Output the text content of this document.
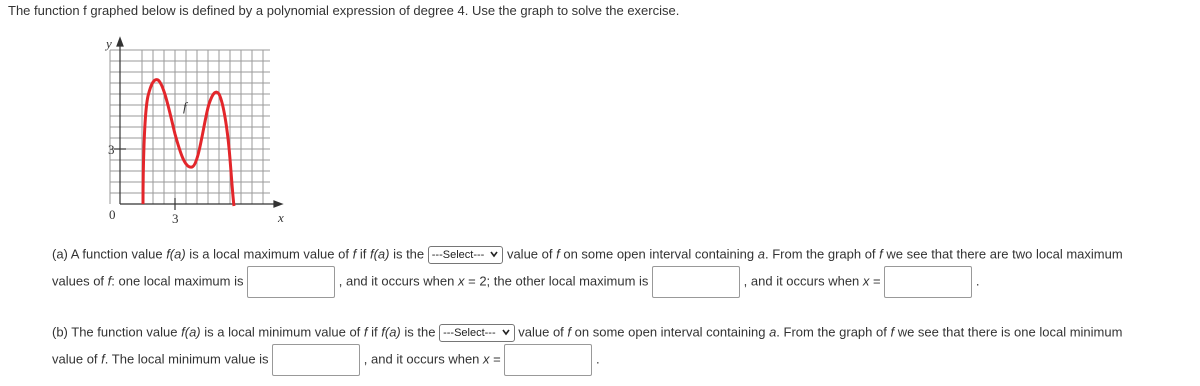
The function f graphed below is defined by a polynomial expression of degree 4. Use the graph to solve the exercise.
y
x
f
0	3
3
(a) A function value f(a) is a local maximum value of f if f(a) is the ---Select--- value of f on some open interval containing a. From the graph of f we see that there are two local maximum
values of f: one local maximum is	, and it occurs when x = 2; the other local maximum is	, and it occurs when x =	.
(b) The function value f(a) is a local minimum value of f if f(a) is the ---Select--- value of f on some open interval containing a. From the graph of f we see that there is one local minimum
value of f. The local minimum value is	, and it occurs when x =	.
